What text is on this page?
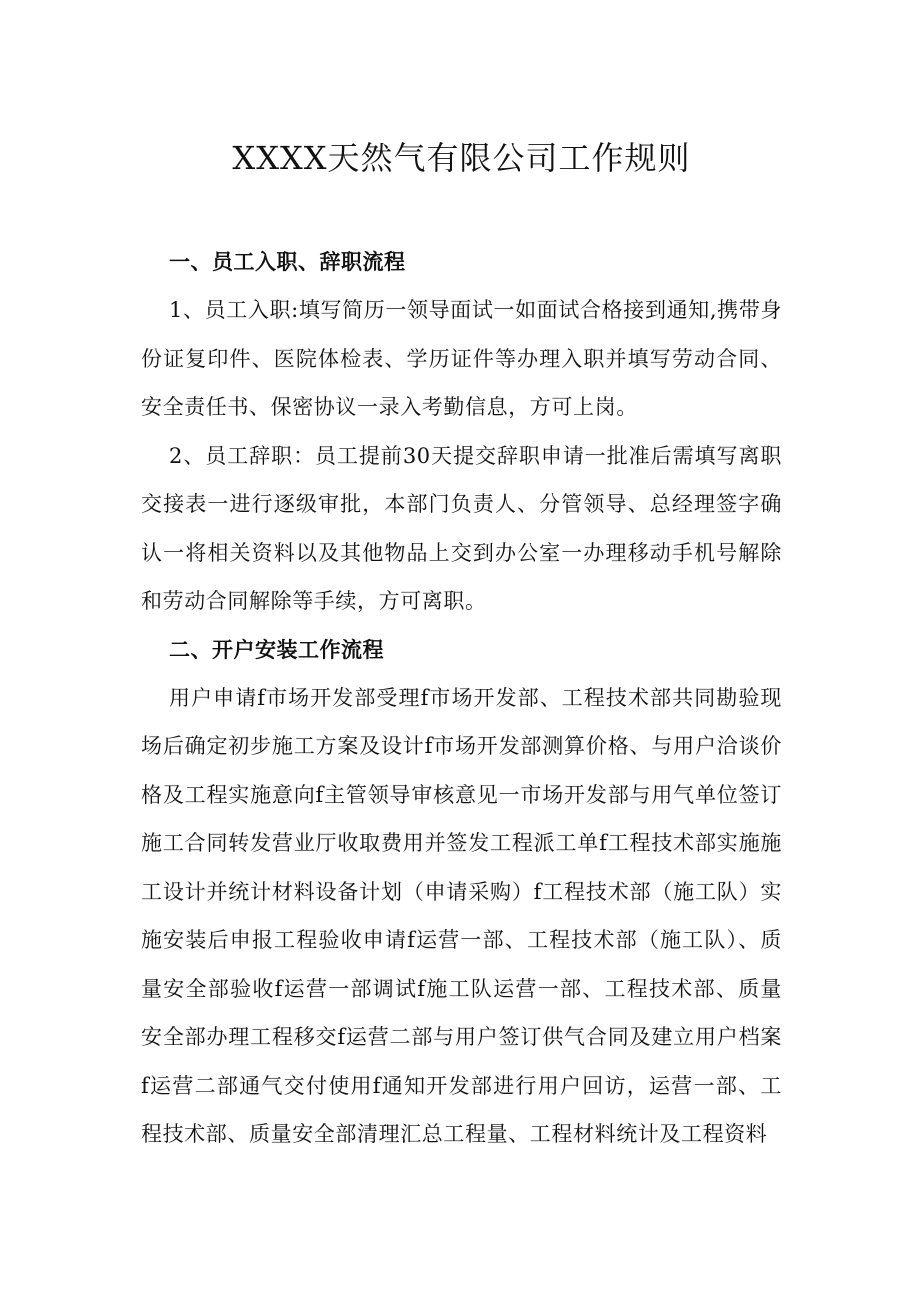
XXXX天然气有限公司工作规则
一、员工入职、辞职流程

1、员工入职:填写简历一领导面试一如面试合格接到通知,携带身份证复印件、医院体检表、学历证件等办理入职并填写劳动合同、安全责任书、保密协议一录入考勤信息，方可上岗。

2、员工辞职：员工提前30天提交辞职申请一批准后需填写离职交接表一进行逐级审批，本部门负责人、分管领导、总经理签字确认一将相关资料以及其他物品上交到办公室一办理移动手机号解除和劳动合同解除等手续，方可离职。

二、开户安装工作流程

用户申请f市场开发部受理f市场开发部、工程技术部共同勘验现场后确定初步施工方案及设计f市场开发部测算价格、与用户洽谈价格及工程实施意向f主管领导审核意见一市场开发部与用气单位签订施工合同转发营业厅收取费用并签发工程派工单f工程技术部实施施工设计并统计材料设备计划（申请采购）f工程技术部（施工队）实施安装后申报工程验收申请f运营一部、工程技术部（施工队）、质量安全部验收f运营一部调试f施工队运营一部、工程技术部、质量安全部办理工程移交f运营二部与用户签订供气合同及建立用户档案f运营二部通气交付使用f通知开发部进行用户回访，运营一部、工程技术部、质量安全部清理汇总工程量、工程材料统计及工程资料
